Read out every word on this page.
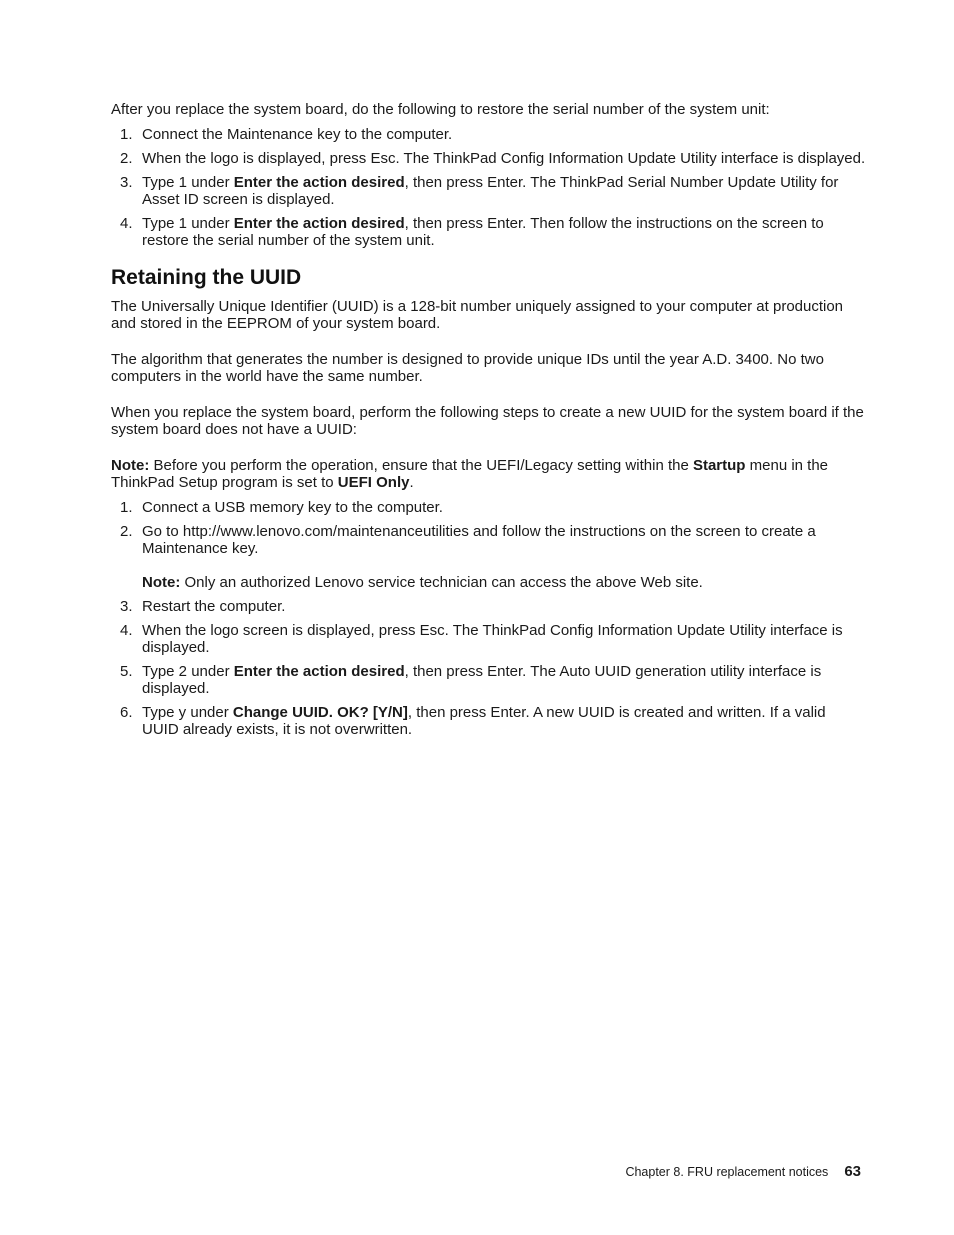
After you replace the system board, do the following to restore the serial number of the system unit:

1. Connect the Maintenance key to the computer.
2. When the logo is displayed, press Esc. The ThinkPad Config Information Update Utility interface is displayed.
3. Type 1 under Enter the action desired, then press Enter. The ThinkPad Serial Number Update Utility for Asset ID screen is displayed.
4. Type 1 under Enter the action desired, then press Enter. Then follow the instructions on the screen to restore the serial number of the system unit.
Retaining the UUID

The Universally Unique Identifier (UUID) is a 128-bit number uniquely assigned to your computer at production and stored in the EEPROM of your system board.

The algorithm that generates the number is designed to provide unique IDs until the year A.D. 3400. No two computers in the world have the same number.

When you replace the system board, perform the following steps to create a new UUID for the system board if the system board does not have a UUID:

Note: Before you perform the operation, ensure that the UEFI/Legacy setting within the Startup menu in the ThinkPad Setup program is set to UEFI Only.

1. Connect a USB memory key to the computer.
2. Go to http://www.lenovo.com/maintenanceutilities and follow the instructions on the screen to create a Maintenance key.

Note: Only an authorized Lenovo service technician can access the above Web site.

3. Restart the computer.
4. When the logo screen is displayed, press Esc. The ThinkPad Config Information Update Utility interface is displayed.
5. Type 2 under Enter the action desired, then press Enter. The Auto UUID generation utility interface is displayed.
6. Type y under Change UUID. OK? [Y/N], then press Enter. A new UUID is created and written. If a valid UUID already exists, it is not overwritten.
Chapter 8. FRU replacement notices 63
